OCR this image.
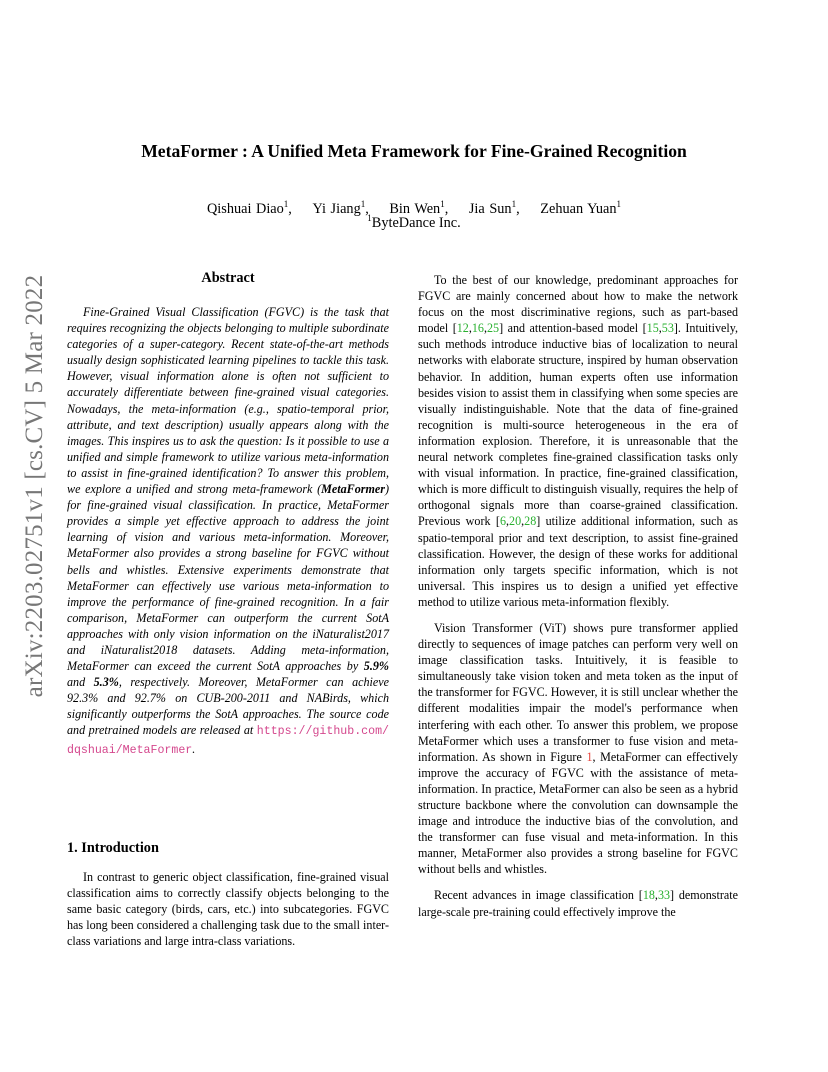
arXiv:2203.02751v1 [cs.CV] 5 Mar 2022
MetaFormer : A Unified Meta Framework for Fine-Grained Recognition
Qishuai Diao$^1$, Yi Jiang$^1$, Bin Wen$^1$, Jia Sun$^1$, Zehuan Yuan$^1$
$^1$ByteDance Inc.
Abstract
Fine-Grained Visual Classification (FGVC) is the task that requires recognizing the objects belonging to multiple subordinate categories of a super-category. Recent state-of-the-art methods usually design sophisticated learning pipelines to tackle this task. However, visual information alone is often not sufficient to accurately differentiate between fine-grained visual categories. Nowadays, the meta-information (e.g., spatio-temporal prior, attribute, and text description) usually appears along with the images. This inspires us to ask the question: Is it possible to use a unified and simple framework to utilize various meta-information to assist in fine-grained identification? To answer this problem, we explore a unified and strong meta-framework (MetaFormer) for fine-grained visual classification. In practice, MetaFormer provides a simple yet effective approach to address the joint learning of vision and various meta-information. Moreover, MetaFormer also provides a strong baseline for FGVC without bells and whistles. Extensive experiments demonstrate that MetaFormer can effectively use various meta-information to improve the performance of fine-grained recognition. In a fair comparison, MetaFormer can outperform the current SotA approaches with only vision information on the iNaturalist2017 and iNaturalist2018 datasets. Adding meta-information, MetaFormer can exceed the current SotA approaches by 5.9% and 5.3%, respectively. Moreover, MetaFormer can achieve 92.3% and 92.7% on CUB-200-2011 and NABirds, which significantly outperforms the SotA approaches. The source code and pretrained models are released at https://github.com/ dqshuai/MetaFormer.
1. Introduction
In contrast to generic object classification, fine-grained visual classification aims to correctly classify objects belonging to the same basic category (birds, cars, etc.) into subcategories. FGVC has long been considered a challenging task due to the small inter-class variations and large intra-class variations.

To the best of our knowledge, predominant approaches for FGVC are mainly concerned about how to make the network focus on the most discriminative regions, such as part-based model [12,16,25] and attention-based model [15,53]. Intuitively, such methods introduce inductive bias of localization to neural networks with elaborate structure, inspired by human observation behavior. In addition, human experts often use information besides vision to assist them in classifying when some species are visually indistinguishable. Note that the data of fine-grained recognition is multi-source heterogeneous in the era of information explosion. Therefore, it is unreasonable that the neural network completes fine-grained classification tasks only with visual information. In practice, fine-grained classification, which is more difficult to distinguish visually, requires the help of orthogonal signals more than coarse-grained classification. Previous work [6,20,28] utilize additional information, such as spatio-temporal prior and text description, to assist fine-grained classification. However, the design of these works for additional information only targets specific information, which is not universal. This inspires us to design a unified yet effective method to utilize various meta-information flexibly.

Vision Transformer (ViT) shows pure transformer applied directly to sequences of image patches can perform very well on image classification tasks. Intuitively, it is feasible to simultaneously take vision token and meta token as the input of the transformer for FGVC. However, it is still unclear whether the different modalities impair the model's performance when interfering with each other. To answer this problem, we propose MetaFormer which uses a transformer to fuse vision and meta-information. As shown in Figure 1, MetaFormer can effectively improve the accuracy of FGVC with the assistance of meta-information. In practice, MetaFormer can also be seen as a hybrid structure backbone where the convolution can downsample the image and introduce the inductive bias of the convolution, and the transformer can fuse visual and meta-information. In this manner, MetaFormer also provides a strong baseline for FGVC without bells and whistles.

Recent advances in image classification [18,33] demonstrate large-scale pre-training could effectively improve the
